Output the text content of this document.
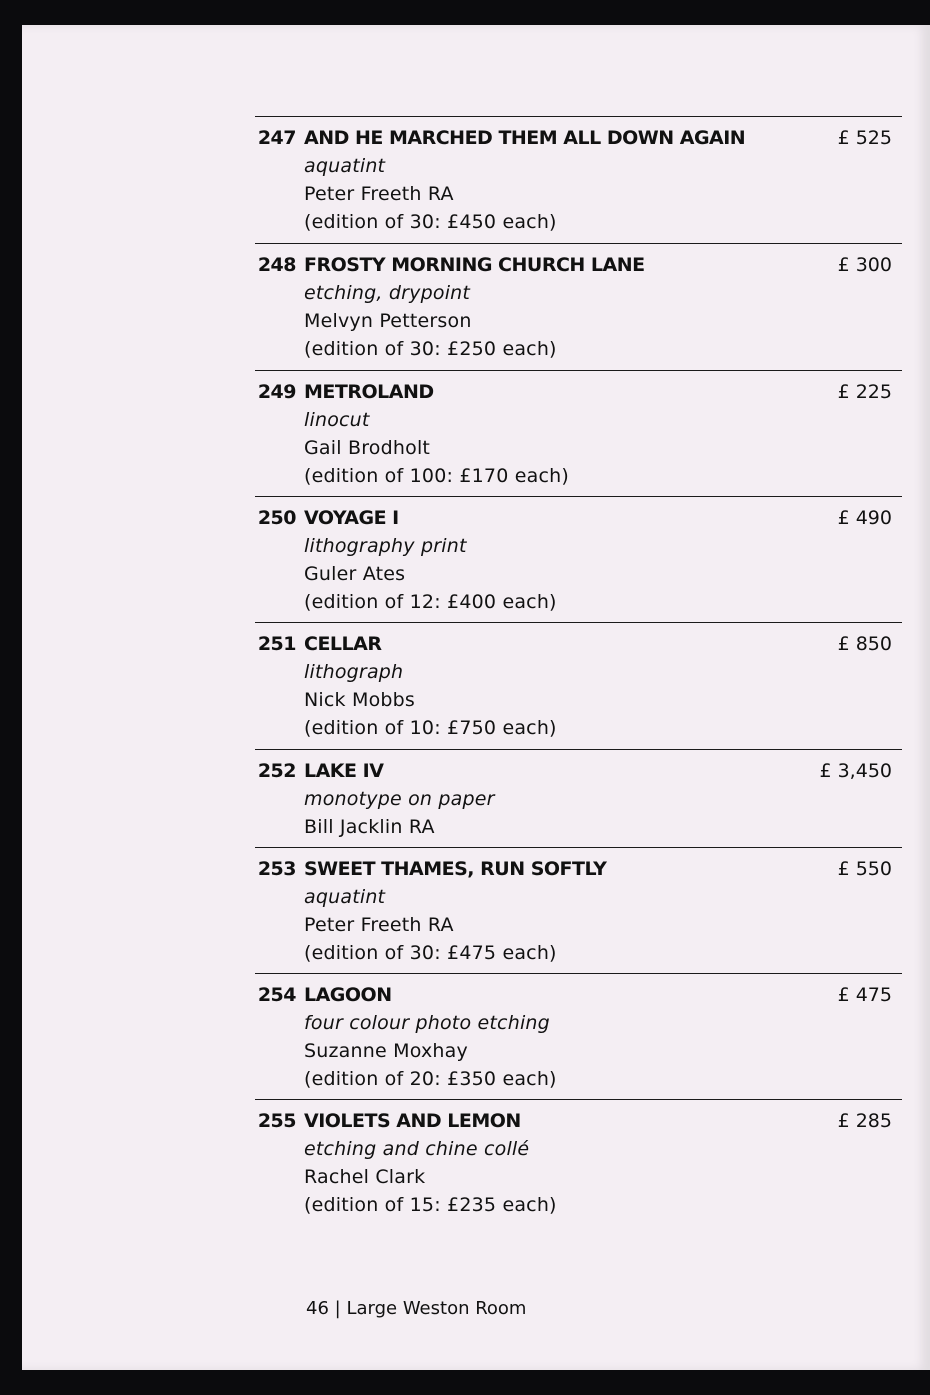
247 AND HE MARCHED THEM ALL DOWN AGAIN	£ 525
aquatint
Peter Freeth RA
(edition of 30: £450 each)
248 FROSTY MORNING CHURCH LANE	£ 300
etching, drypoint
Melvyn Petterson
(edition of 30: £250 each)
249 METROLAND	£ 225
linocut
Gail Brodholt
(edition of 100: £170 each)
250 VOYAGE I	£ 490
lithography print
Guler Ates
(edition of 12: £400 each)
251 CELLAR	£ 850
lithograph
Nick Mobbs
(edition of 10: £750 each)
252 LAKE IV	£ 3,450
monotype on paper
Bill Jacklin RA
253 SWEET THAMES, RUN SOFTLY	£ 550
aquatint
Peter Freeth RA
(edition of 30: £475 each)
254 LAGOON	£ 475
four colour photo etching
Suzanne Moxhay
(edition of 20: £350 each)
255 VIOLETS AND LEMON	£ 285
etching and chine collé
Rachel Clark
(edition of 15: £235 each)
46 | Large Weston Room
